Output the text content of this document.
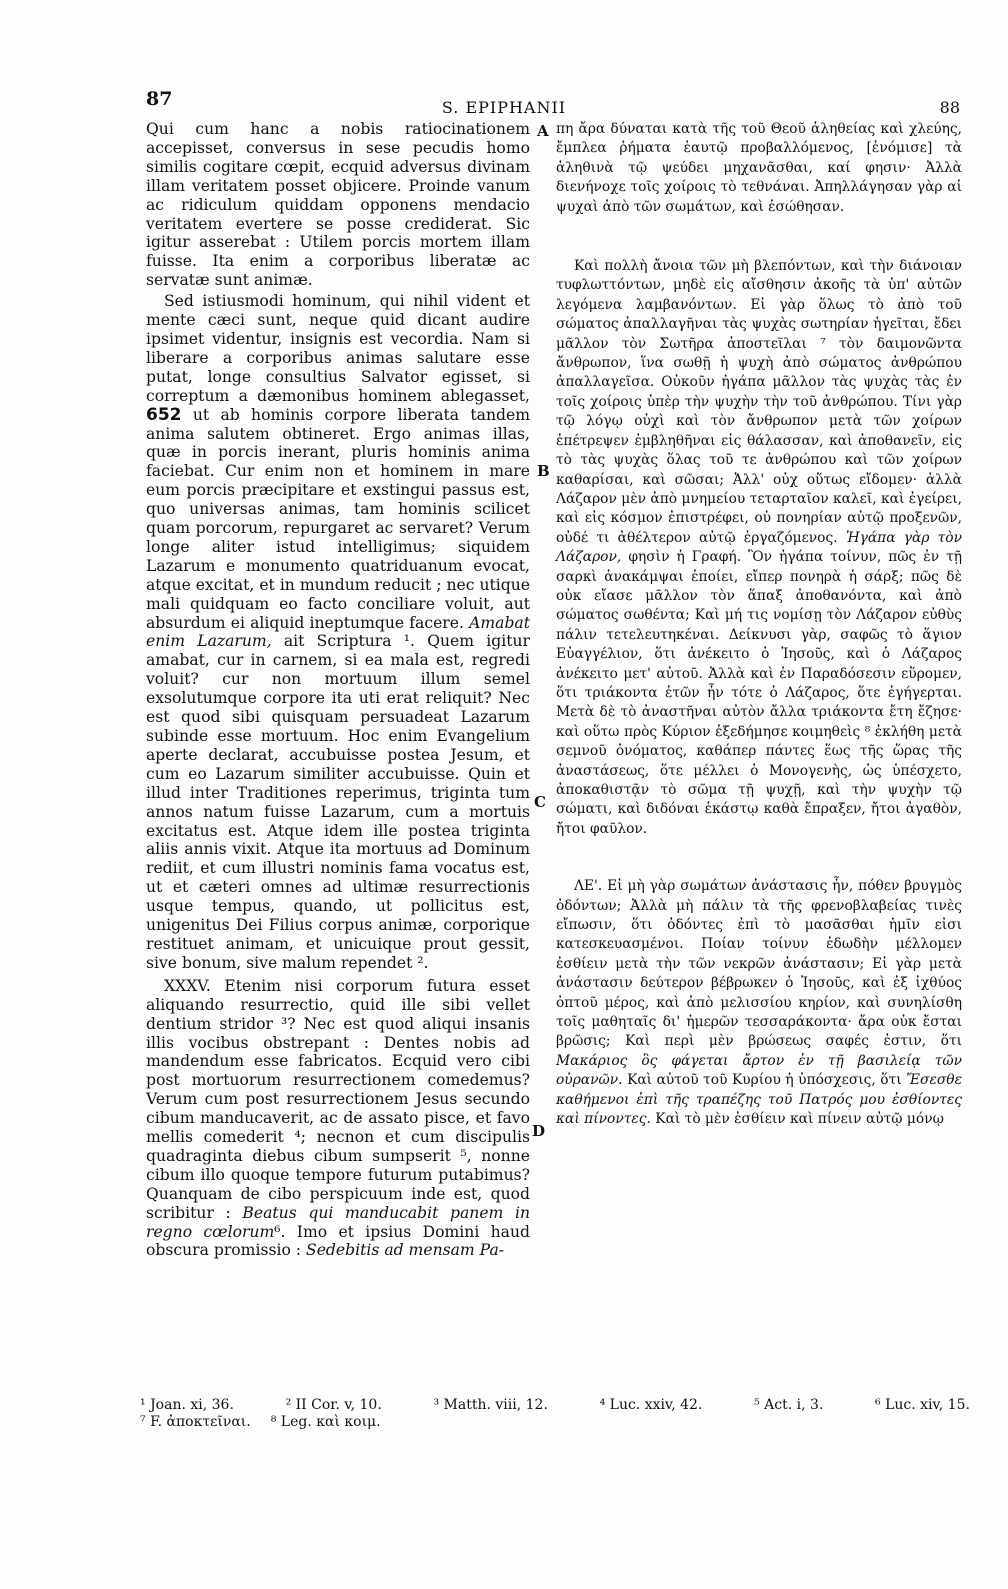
87	S. EPIPHANII	88
A
B
C
D

Qui cum hanc a nobis ratiocinationem accepisset, conversus in sese pecudis homo similis cogitare cœpit, ecquid adversus divinam illam veritatem posset objicere. Proinde vanum ac ridiculum quiddam opponens mendacio veritatem evertere se posse crediderat. Sic igitur asserebat : Utilem porcis mortem illam fuisse. Ita enim a corporibus liberatæ ac servatæ sunt animæ.

Sed istiusmodi hominum, qui nihil vident et mente cæci sunt, neque quid dicant audire ipsimet videntur, insignis est vecordia. Nam si liberare a corporibus animas salutare esse putat, longe consultius Salvator egisset, si correptum a dæmonibus hominem ablegasset, 652 ut ab hominis corpore liberata tandem anima salutem obtineret. Ergo animas illas, quæ in porcis inerant, pluris hominis anima faciebat. Cur enim non et hominem in mare eum porcis præcipitare et exstingui passus est, quo universas animas, tam hominis scilicet quam porcorum, repurgaret ac servaret? Verum longe aliter istud intelligimus; siquidem Lazarum e monumento quatriduanum evocat, atque excitat, et in mundum reducit ; nec utique mali quidquam eo facto conciliare voluit, aut absurdum ei aliquid ineptumque facere. Amabat enim Lazarum, ait Scriptura ¹. Quem igitur amabat, cur in carnem, si ea mala est, regredi voluit? cur non mortuum illum semel exsolutumque corpore ita uti erat reliquit? Nec est quod sibi quisquam persuadeat Lazarum subinde esse mortuum. Hoc enim Evangelium aperte declarat, accubuisse postea Jesum, et cum eo Lazarum similiter accubuisse. Quin et illud inter Traditiones reperimus, triginta tum annos natum fuisse Lazarum, cum a mortuis excitatus est. Atque idem ille postea triginta aliis annis vixit. Atque ita mortuus ad Dominum rediit, et cum illustri nominis fama vocatus est, ut et cæteri omnes ad ultimæ resurrectionis usque tempus, quando, ut pollicitus est, unigenitus Dei Filius corpus animæ, corporique restituet animam, et unicuique prout gessit, sive bonum, sive malum rependet ².

XXXV. Etenim nisi corporum futura esset aliquando resurrectio, quid ille sibi vellet dentium stridor ³? Nec est quod aliqui insanis illis vocibus obstrepant : Dentes nobis ad mandendum esse fabricatos. Ecquid vero cibi post mortuorum resurrectionem comedemus? Verum cum post resurrectionem Jesus secundo cibum manducaverit, ac de assato pisce, et favo mellis comederit ⁴; necnon et cum discipulis quadraginta diebus cibum sumpserit ⁵, nonne cibum illo quoque tempore futurum putabimus? Quanquam de cibo perspicuum inde est, quod scribitur : Beatus qui manducabit panem in regno cœlorum⁶. Imo et ipsius Domini haud obscura promissio : Sedebitis ad mensam Pa-

πη ἄρα δύναται κατὰ τῆς τοῦ Θεοῦ ἀληθείας καὶ χλεύης, ἔμπλεα ῥήματα ἑαυτῷ προβαλλόμενος, [ἐνόμισε] τὰ ἀληθινὰ τῷ ψεύδει μηχανᾶσθαι, καί φησιν· Ἀλλὰ διενήνοχε τοῖς χοίροις τὸ τεθνάναι. Ἀπηλλάγησαν γὰρ αἱ ψυχαὶ ἀπὸ τῶν σωμάτων, καὶ ἐσώθησαν.

Καὶ πολλὴ ἄνοια τῶν μὴ βλεπόντων, καὶ τὴν διάνοιαν τυφλωττόντων, μηδὲ εἰς αἴσθησιν ἀκοῆς τὰ ὑπ' αὐτῶν λεγόμενα λαμβανόντων. Εἰ γὰρ ὅλως τὸ ἀπὸ τοῦ σώματος ἀπαλλαγῆναι τὰς ψυχὰς σωτηρίαν ἡγεῖται, ἔδει μᾶλλον τὸν Σωτῆρα ἀποστεῖλαι ⁷ τὸν δαιμονῶντα ἄνθρωπον, ἵνα σωθῇ ἡ ψυχὴ ἀπὸ σώματος ἀνθρώπου ἀπαλλαγεῖσα. Οὐκοῦν ἠγάπα μᾶλλον τὰς ψυχὰς τὰς ἐν τοῖς χοίροις ὑπὲρ τὴν ψυχὴν τὴν τοῦ ἀνθρώπου. Τίνι γὰρ τῷ λόγῳ οὐχὶ καὶ τὸν ἄνθρωπον μετὰ τῶν χοίρων ἐπέτρεψεν ἐμβληθῆναι εἰς θάλασσαν, καὶ ἀποθανεῖν, εἰς τὸ τὰς ψυχὰς ὅλας τοῦ τε ἀνθρώπου καὶ τῶν χοίρων καθαρίσαι, καὶ σῶσαι; Ἀλλ' οὐχ οὕτως εἴδομεν· ἀλλὰ Λάζαρον μὲν ἀπὸ μνημείου τεταρταῖον καλεῖ, καὶ ἐγείρει, καὶ εἰς κόσμον ἐπιστρέφει, οὐ πονηρίαν αὐτῷ προξενῶν, οὐδέ τι ἀθέλτερον αὐτῷ ἐργαζόμενος. Ἠγάπα γὰρ τὸν Λάζαρον, φησὶν ἡ Γραφή. Ὃν ἠγάπα τοίνυν, πῶς ἐν τῇ σαρκὶ ἀνακάμψαι ἐποίει, εἴπερ πονηρὰ ἡ σάρξ; πῶς δὲ οὐκ εἴασε μᾶλλον τὸν ἅπαξ ἀποθανόντα, καὶ ἀπὸ σώματος σωθέντα; Καὶ μή τις νομίσῃ τὸν Λάζαρον εὐθὺς πάλιν τετελευτηκέναι. Δείκνυσι γὰρ, σαφῶς τὸ ἅγιον Εὐαγγέλιον, ὅτι ἀνέκειτο ὁ Ἰησοῦς, καὶ ὁ Λάζαρος ἀνέκειτο μετ' αὐτοῦ. Ἀλλὰ καὶ ἐν Παραδόσεσιν εὕρομεν, ὅτι τριάκοντα ἐτῶν ἦν τότε ὁ Λάζαρος, ὅτε ἐγήγερται. Μετὰ δὲ τὸ ἀναστῆναι αὐτὸν ἄλλα τριάκοντα ἔτη ἔζησε· καὶ οὕτω πρὸς Κύριον ἐξεδήμησε κοιμηθεὶς ⁸ ἐκλήθη μετὰ σεμνοῦ ὀνόματος, καθάπερ πάντες ἕως τῆς ὥρας τῆς ἀναστάσεως, ὅτε μέλλει ὁ Μονογενὴς, ὡς ὑπέσχετο, ἀποκαθιστᾷν τὸ σῶμα τῇ ψυχῇ, καὶ τὴν ψυχὴν τῷ σώματι, καὶ διδόναι ἑκάστῳ καθὰ ἔπραξεν, ἤτοι ἀγαθὸν, ἤτοι φαῦλον.

ΛΕ'. Εἰ μὴ γὰρ σωμάτων ἀνάστασις ἦν, πόθεν βρυγμὸς ὀδόντων; Ἀλλὰ μὴ πάλιν τὰ τῆς φρενοβλαβείας τινὲς εἴπωσιν, ὅτι ὀδόντες ἐπὶ τὸ μασᾶσθαι ἡμῖν εἰσι κατεσκευασμένοι. Ποίαν τοίνυν ἐδωδὴν μέλλομεν ἐσθίειν μετὰ τὴν τῶν νεκρῶν ἀνάστασιν; Εἰ γὰρ μετὰ ἀνάστασιν δεύτερον βέβρωκεν ὁ Ἰησοῦς, καὶ ἐξ ἰχθύος ὀπτοῦ μέρος, καὶ ἀπὸ μελισσίου κηρίον, καὶ συνηλίσθη τοῖς μαθηταῖς δι' ἡμερῶν τεσσαράκοντα· ἄρα οὐκ ἔσται βρῶσις; Καὶ περὶ μὲν βρώσεως σαφές ἐστιν, ὅτι Μακάριος ὃς φάγεται ἄρτον ἐν τῇ βασιλείᾳ τῶν οὐρανῶν. Καὶ αὐτοῦ τοῦ Κυρίου ἡ ὑπόσχεσις, ὅτι Ἔσεσθε καθήμενοι ἐπὶ τῆς τραπέζης τοῦ Πατρός μου ἐσθίοντες καὶ πίνοντες. Καὶ τὸ μὲν ἐσθίειν καὶ πίνειν αὐτῷ μόνῳ

¹ Joan. xi, 36.	² II Cor. v, 10.	³ Matth. viii, 12.	⁴ Luc. xxiv, 42.	⁵ Act. i, 3.	⁶ Luc. xiv, 15.
⁷ F. ἀποκτεῖναι. ⁸ Leg. καὶ κοιμ.
